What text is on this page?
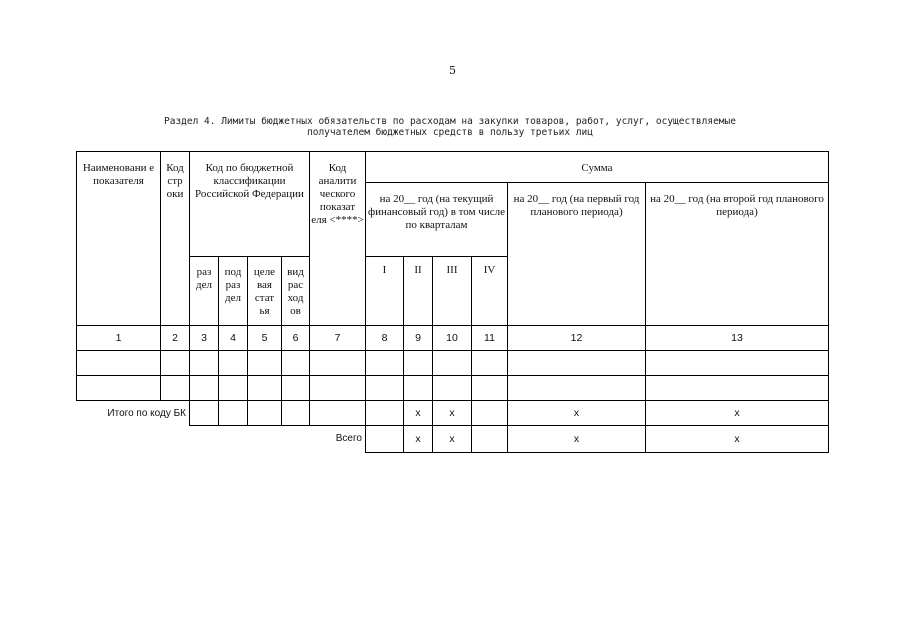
5
Раздел 4. Лимиты бюджетных обязательств по расходам на закупки товаров, работ, услуг, осуществляемые
получателем бюджетных средств в пользу третьих лиц
Наименовани е показателя	Код стр оки	Код по бюджетной классификации Российской Федерации				Код аналити ческого показат еля <****>	Сумма					

							на 20__ год (на текущий финансовый год) в том числе по кварталам				на 20__ год (на первый год планового периода)	на 20__ год (на второй год планового периода)

		раз дел	под раз дел	целе вая стат ья	вид рас ход ов		I	II	III	IV		

1	2	3	4	5	6	7	8	9	10	11	12	13

Итого по коду БК								x	x		x	x
Всего								x	x		x	x
